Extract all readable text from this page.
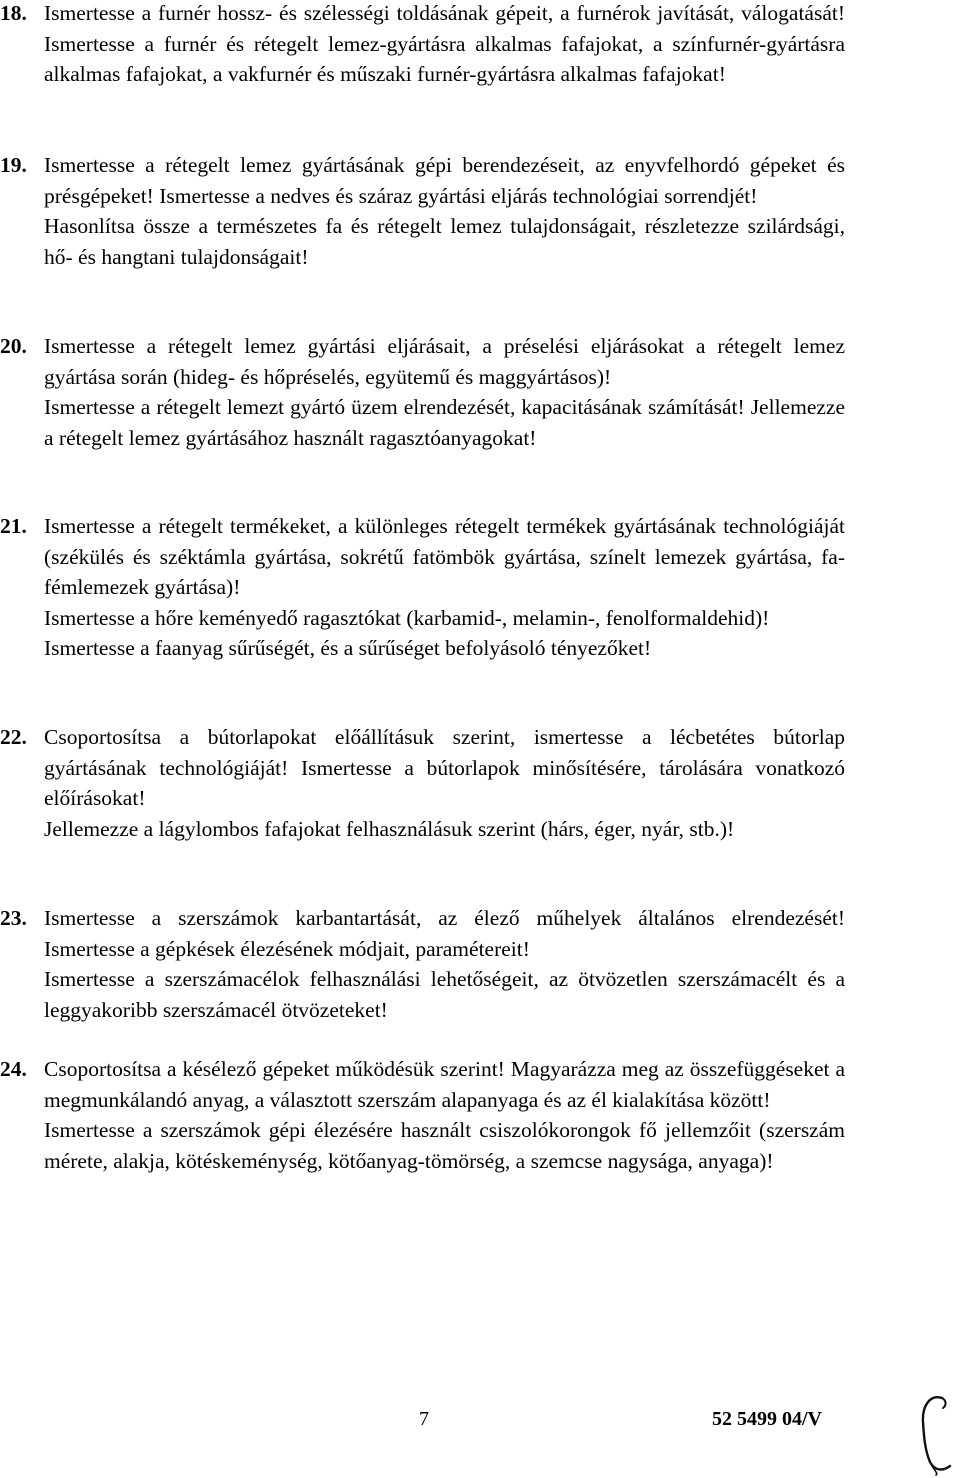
18. Ismertesse a furnér hossz- és szélességi toldásának gépeit, a furnérok javítását, válogatását! Ismertesse a furnér és rétegelt lemez-gyártásra alkalmas fafajokat, a színfurnér-gyártásra alkalmas fafajokat, a vakfurnér és műszaki furnér-gyártásra alkalmas fafajokat!

19. Ismertesse a rétegelt lemez gyártásának gépi berendezéseit, az enyvfelhordó gépeket és présgépeket! Ismertesse a nedves és száraz gyártási eljárás technológiai sorrendjét!

Hasonlítsa össze a természetes fa és rétegelt lemez tulajdonságait, részletezze szilárdsági, hő- és hangtani tulajdonságait!

20. Ismertesse a rétegelt lemez gyártási eljárásait, a préselési eljárásokat a rétegelt lemez gyártása során (hideg- és hőpréselés, együtemű és maggyártásos)!

Ismertesse a rétegelt lemezt gyártó üzem elrendezését, kapacitásának számítását! Jellemezze a rétegelt lemez gyártásához használt ragasztóanyagokat!

21. Ismertesse a rétegelt termékeket, a különleges rétegelt termékek gyártásának technológiáját (székülés és széktámla gyártása, sokrétű fatömbök gyártása, színelt lemezek gyártása, fa- fémlemezek gyártása)!

Ismertesse a hőre keményedő ragasztókat (karbamid-, melamin-, fenolformaldehid)!

Ismertesse a faanyag sűrűségét, és a sűrűséget befolyásoló tényezőket!

22. Csoportosítsa a bútorlapokat előállításuk szerint, ismertesse a lécbetétes bútorlap gyártásának technológiáját! Ismertesse a bútorlapok minősítésére, tárolására vonatkozó előírásokat!

Jellemezze a lágylombos fafajokat felhasználásuk szerint (hárs, éger, nyár, stb.)!

23. Ismertesse a szerszámok karbantartását, az élező műhelyek általános elrendezését! Ismertesse a gépkések élezésének módjait, paramétereit!

Ismertesse a szerszámacélok felhasználási lehetőségeit, az ötvözetlen szerszámacélt és a leggyakoribb szerszámacél ötvözeteket!

24. Csoportosítsa a késélező gépeket működésük szerint! Magyarázza meg az összefüggéseket a megmunkálandó anyag, a választott szerszám alapanyaga és az él kialakítása között!

Ismertesse a szerszámok gépi élezésére használt csiszolókorongok fő jellemzőit (szerszám mérete, alakja, kötéskeménység, kötőanyag-tömörség, a szemcse nagysága, anyaga)!

7	52 5499 04/V
